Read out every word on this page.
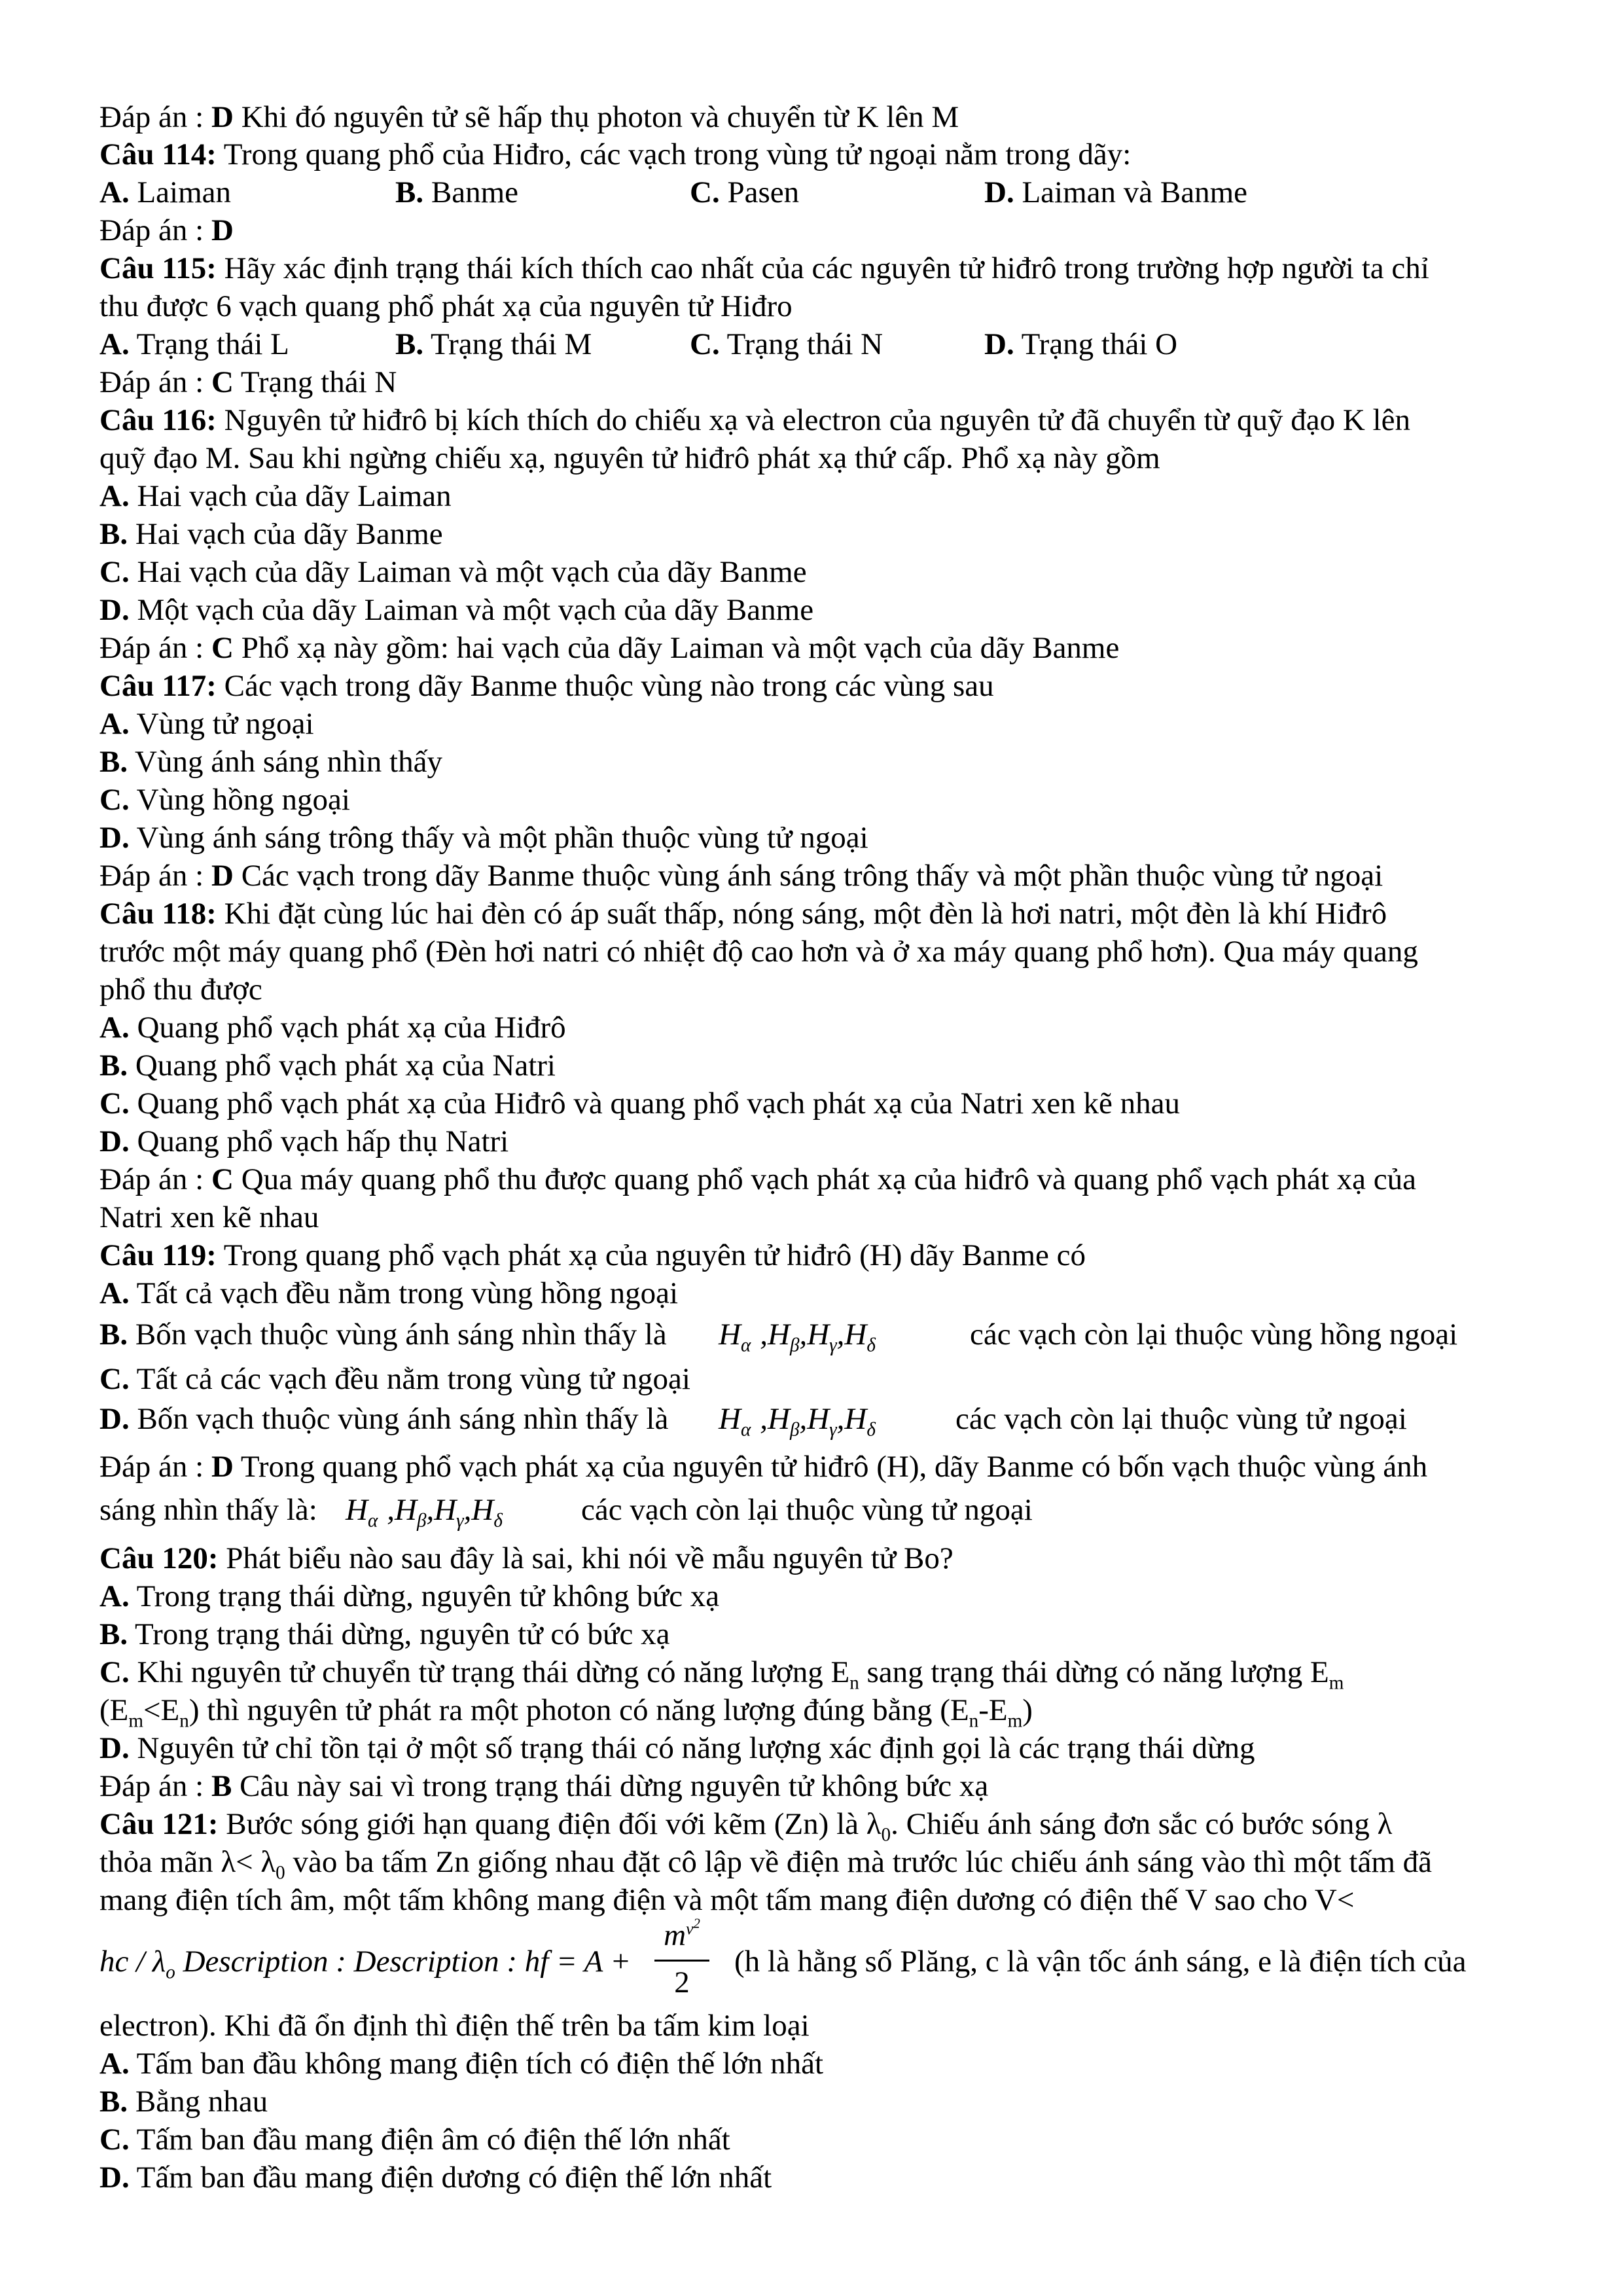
Đáp án : D Khi đó nguyên tử sẽ hấp thụ photon và chuyển từ K lên M
Câu 114: Trong quang phổ của Hiđro, các vạch trong vùng tử ngoại nằm trong dãy:
A. Laiman	B. Banme	C. Pasen	D. Laiman và Banme
Đáp án : D
Câu 115: Hãy xác định trạng thái kích thích cao nhất của các nguyên tử hiđrô trong trường hợp người ta chỉ
thu được 6 vạch quang phổ phát xạ của nguyên tử Hiđro
A. Trạng thái L	B. Trạng thái M	C. Trạng thái N	D. Trạng thái O
Đáp án : C Trạng thái N
Câu 116: Nguyên tử hiđrô bị kích thích do chiếu xạ và electron của nguyên tử đã chuyển từ quỹ đạo K lên
quỹ đạo M. Sau khi ngừng chiếu xạ, nguyên tử hiđrô phát xạ thứ cấp. Phổ xạ này gồm
A. Hai vạch của dãy Laiman
B. Hai vạch của dãy Banme
C. Hai vạch của dãy Laiman và một vạch của dãy Banme
D. Một vạch của dãy Laiman và một vạch của dãy Banme
Đáp án : C Phổ xạ này gồm: hai vạch của dãy Laiman và một vạch của dãy Banme
Câu 117: Các vạch trong dãy Banme thuộc vùng nào trong các vùng sau
A. Vùng tử ngoại
B. Vùng ánh sáng nhìn thấy
C. Vùng hồng ngoại
D. Vùng ánh sáng trông thấy và một phần thuộc vùng tử ngoại
Đáp án : D Các vạch trong dãy Banme thuộc vùng ánh sáng trông thấy và một phần thuộc vùng tử ngoại
Câu 118: Khi đặt cùng lúc hai đèn có áp suất thấp, nóng sáng, một đèn là hơi natri, một đèn là khí Hiđrô
trước một máy quang phổ (Đèn hơi natri có nhiệt độ cao hơn và ở xa máy quang phổ hơn). Qua máy quang
phổ thu được
A. Quang phổ vạch phát xạ của Hiđrô
B. Quang phổ vạch phát xạ của Natri
C. Quang phổ vạch phát xạ của Hiđrô và quang phổ vạch phát xạ của Natri xen kẽ nhau
D. Quang phổ vạch hấp thụ Natri
Đáp án : C Qua máy quang phổ thu được quang phổ vạch phát xạ của hiđrô và quang phổ vạch phát xạ của
Natri xen kẽ nhau
Câu 119: Trong quang phổ vạch phát xạ của nguyên tử hiđrô (H) dãy Banme có
A. Tất cả vạch đều nằm trong vùng hồng ngoại
B. Bốn vạch thuộc vùng ánh sáng nhìn thấy là $H_\alpha$ $,H_\beta,H_\gamma,H_\delta$	các vạch còn lại thuộc vùng hồng ngoại
C. Tất cả các vạch đều nằm trong vùng tử ngoại
D. Bốn vạch thuộc vùng ánh sáng nhìn thấy là $H_\alpha$ $,H_\beta,H_\gamma,H_\delta$	các vạch còn lại thuộc vùng tử ngoại
Đáp án : D Trong quang phổ vạch phát xạ của nguyên tử hiđrô (H), dãy Banme có bốn vạch thuộc vùng ánh
sáng nhìn thấy là: $H_\alpha$ $,H_\beta,H_\gamma,H_\delta$	các vạch còn lại thuộc vùng tử ngoại
Câu 120: Phát biểu nào sau đây là sai, khi nói về mẫu nguyên tử Bo?
A. Trong trạng thái dừng, nguyên tử không bức xạ
B. Trong trạng thái dừng, nguyên tử có bức xạ
C. Khi nguyên tử chuyển từ trạng thái dừng có năng lượng $E_n$ sang trạng thái dừng có năng lượng $E_m$
$(E_m<E_n)$ thì nguyên tử phát ra một photon có năng lượng đúng bằng $(E_n-E_m)$
D. Nguyên tử chỉ tồn tại ở một số trạng thái có năng lượng xác định gọi là các trạng thái dừng
Đáp án : B Câu này sai vì trong trạng thái dừng nguyên tử không bức xạ
Câu 121: Bước sóng giới hạn quang điện đối với kẽm (Zn) là $\lambda_0$. Chiếu ánh sáng đơn sắc có bước sóng λ
thỏa mãn $\lambda< \lambda_0$ vào ba tấm Zn giống nhau đặt cô lập về điện mà trước lúc chiếu ánh sáng vào thì một tấm đã
mang điện tích âm, một tấm không mang điện và một tấm mang điện dương có điện thế V sao cho V<
hc / $\lambda_o$ Description : Description : hf = A +
$m^{v^2}$
2
(h là hằng số Plăng, c là vận tốc ánh sáng, e là điện tích của
electron). Khi đã ổn định thì điện thế trên ba tấm kim loại
A. Tấm ban đầu không mang điện tích có điện thế lớn nhất
B. Bằng nhau
C. Tấm ban đầu mang điện âm có điện thế lớn nhất
D. Tấm ban đầu mang điện dương có điện thế lớn nhất
